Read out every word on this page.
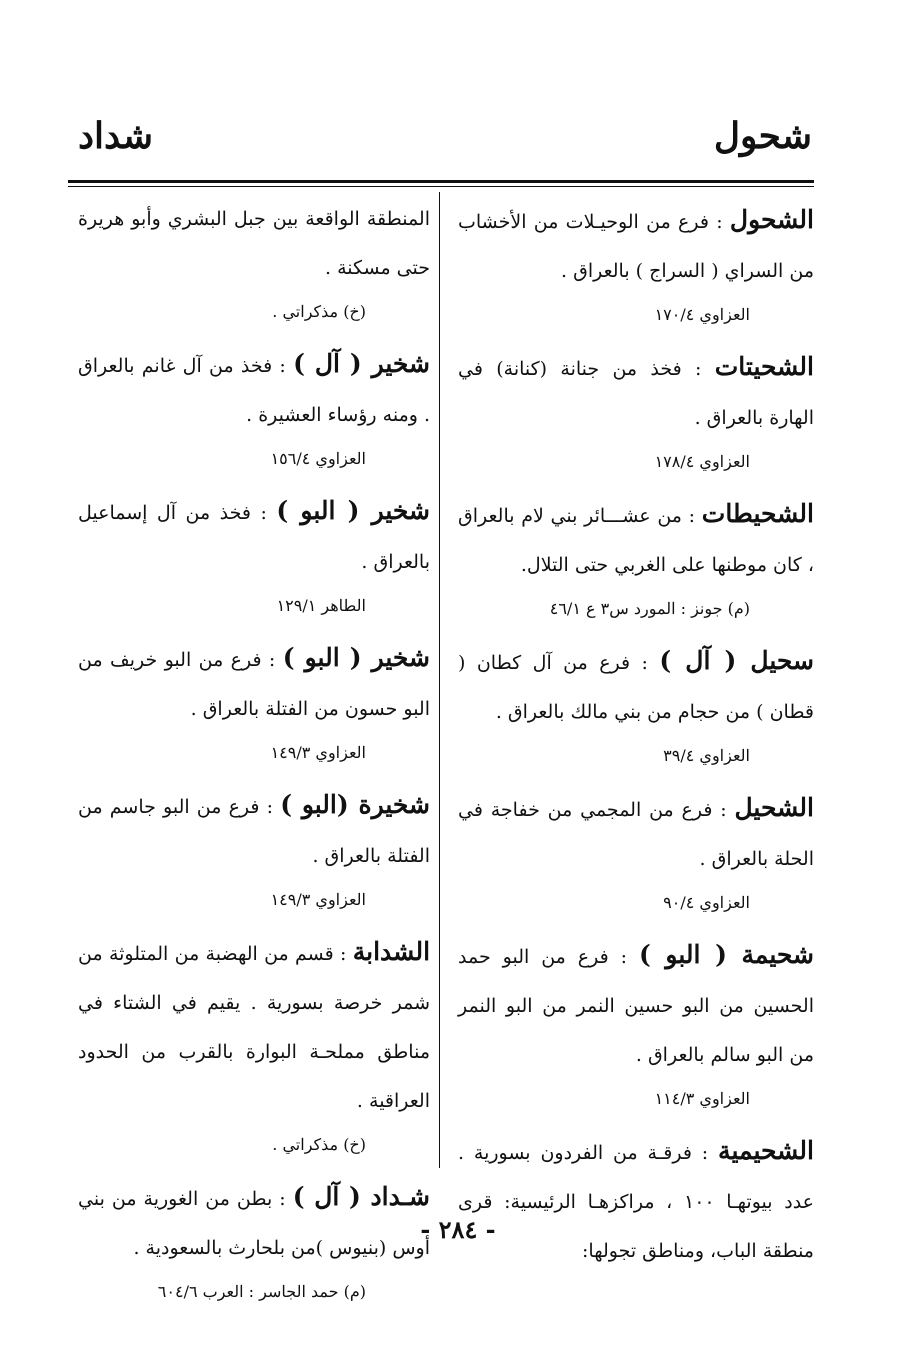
شحول
شداد
الشحول : فرع من الوحيـلات من الأخشاب من السراي ( السراج ) بالعراق .
العزاوي ١٧٠/٤
الشحيتات : فخذ من جنانة (كنانة) في الهارة بالعراق .
العزاوي ١٧٨/٤
الشحيطات : من عشـــائر بني لام بالعراق ، كان موطنها على الغربي حتى التلال.
(م) جونز : المورد س٣ ع ٤٦/١
سحيل ( آل ) : فرع من آل كطان ( قطان ) من حجام من بني مالك بالعراق .
العزاوي ٣٩/٤
الشحيل : فرع من المجمي من خفاجة في الحلة بالعراق .
العزاوي ٩٠/٤
شحيمة ( البو ) : فرع من البو حمد الحسين من البو حسين النمر من البو النمر من البو سالم بالعراق .
العزاوي ١١٤/٣
الشحيمية : فرقـة من الفردون بسورية . عدد بيوتهـا ١٠٠ ، مراكزهـا الرئيسية: قرى منطقة الباب، ومناطق تجولها:
المنطقة الواقعة بين جبل البشري وأبو هريرة حتى مسكنة .
(خ) مذكراتي .
شخير ( آل ) : فخذ من آل غانم بالعراق . ومنه رؤساء العشيرة .
العزاوي ١٥٦/٤
شخير ( البو ) : فخذ من آل إسماعيل بالعراق .
الطاهر ١٢٩/١
شخير ( البو ) : فرع من البو خريف من البو حسون من الفتلة بالعراق .
العزاوي ١٤٩/٣
شخيرة (البو ) : فرع من البو جاسم من الفتلة بالعراق .
العزاوي ١٤٩/٣
الشدابة : قسم من الهضبة من المتلوثة من شمر خرصة بسورية . يقيم في الشتاء في مناطق مملحـة البوارة بالقرب من الحدود العراقية .
(خ) مذكراتي .
شـداد ( آل ) : بطن من الغورية من بني أوس (بنيوس )من بلحارث بالسعودية .
(م) حمد الجاسر : العرب ٦٠٤/٦
- ٢٨٤ -
